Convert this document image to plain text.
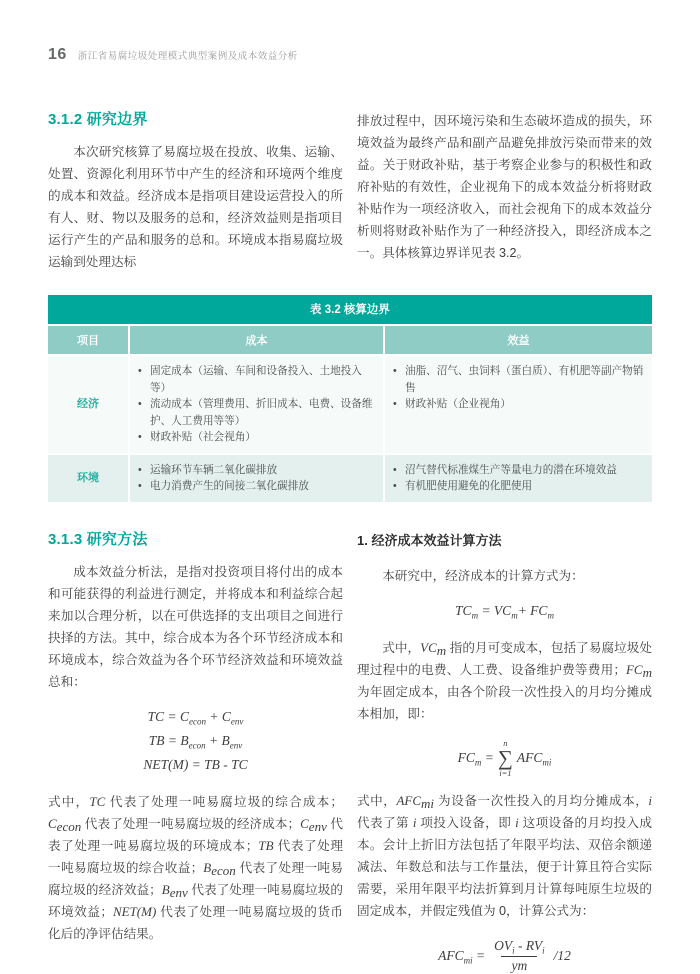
16 浙江省易腐垃圾处理模式典型案例及成本效益分析
3.1.2 研究边界

本次研究核算了易腐垃圾在投放、收集、运输、处置、资源化利用环节中产生的经济和环境两个维度的成本和效益。经济成本是指项目建设运营投入的所有人、财、物以及服务的总和，经济效益则是指项目运行产生的产品和服务的总和。环境成本指易腐垃圾运输到处理达标

排放过程中，因环境污染和生态破坏造成的损失，环境效益为最终产品和副产品避免排放污染而带来的效益。关于财政补贴，基于考察企业参与的积极性和政府补贴的有效性，企业视角下的成本效益分析将财政补贴作为一项经济收入，而社会视角下的成本效益分析则将财政补贴作为了一种经济投入，即经济成本之一。具体核算边界详见表 3.2。

表 3.2 核算边界
项目	成本	效益
经济
• 固定成本（运输、车间和设备投入、土地投入等）
• 流动成本（管理费用、折旧成本、电费、设备维护、人工费用等等）
• 财政补贴（社会视角）
• 油脂、沼气、虫饲料（蛋白质）、有机肥等副产物销售
• 财政补贴（企业视角）
环境
• 运输环节车辆二氧化碳排放
• 电力消费产生的间接二氧化碳排放
• 沼气替代标准煤生产等量电力的潜在环境效益
• 有机肥使用避免的化肥使用
3.1.3 研究方法

成本效益分析法，是指对投资项目将付出的成本和可能获得的利益进行测定，并将成本和利益综合起来加以合理分析，以在可供选择的支出项目之间进行抉择的方法。其中，综合成本为各个环节经济成本和环境成本，综合效益为各个环节经济效益和环境效益总和：

TC = $C_{econ} + C_{env}$
TB = $B_{econ} + B_{env}$
NET(M) = TB - TC

式中，TC 代表了处理一吨易腐垃圾的综合成本；$C_{econ}$ 代表了处理一吨易腐垃圾的经济成本；$C_{env}$ 代表了处理一吨易腐垃圾的环境成本；TB 代表了处理一吨易腐垃圾的综合收益；$B_{econ}$ 代表了处理一吨易腐垃圾的经济效益；$B_{env}$ 代表了处理一吨易腐垃圾的环境效益；NET(M) 代表了处理一吨易腐垃圾的货币化后的净评估结果。

1. 经济成本效益计算方法

本研究中，经济成本的计算方式为：

$TC_m = VC_m+ FC_m$

式中，$VC_m$ 指的月可变成本，包括了易腐垃圾处理过程中的电费、人工费、设备维护费等费用；$FC_m$ 为年固定成本，由各个阶段一次性投入的月均分摊成本相加，即：

$FC_m$ =
n
∑
i=1
$AFC_{mi}$

式中，$AFC_{mi}$ 为设备一次性投入的月均分摊成本，i 代表了第 i 项投入设备，即 i 这项设备的月均投入成本。会计上折旧方法包括了年限平均法、双倍余额递减法、年数总和法与工作量法，便于计算且符合实际需要，采用年限平均法折算到月计算每吨原生垃圾的固定成本，并假定残值为 0，计算公式为：

$AFC_{mi} = \frac{OV_i - RV_i}{ym} /12$
